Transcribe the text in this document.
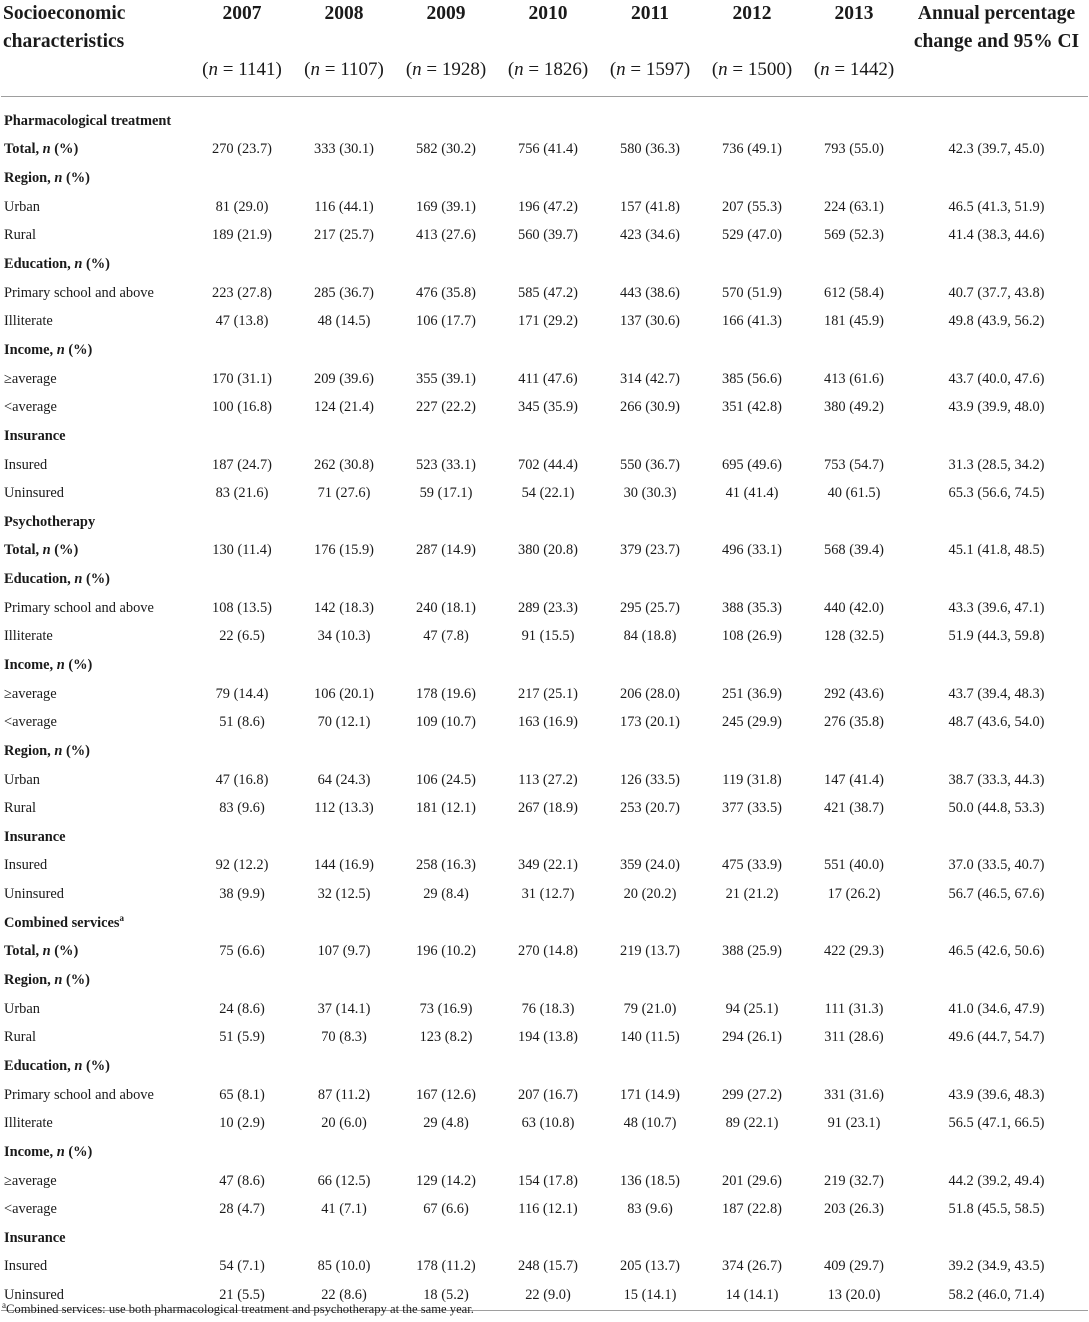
Socioeconomic
characteristics	2007	2008	2009	2010	2011	2012	2013	Annual percentage
change and 95% CI
	(n = 1141)	(n = 1107)	(n = 1928)	(n = 1826)	(n = 1597)	(n = 1500)	(n = 1442)	

Pharmacological treatment								
Total, n (%)	270 (23.7)	333 (30.1)	582 (30.2)	756 (41.4)	580 (36.3)	736 (49.1)	793 (55.0)	42.3 (39.7, 45.0)
Region, n (%)								
Urban	81 (29.0)	116 (44.1)	169 (39.1)	196 (47.2)	157 (41.8)	207 (55.3)	224 (63.1)	46.5 (41.3, 51.9)
Rural	189 (21.9)	217 (25.7)	413 (27.6)	560 (39.7)	423 (34.6)	529 (47.0)	569 (52.3)	41.4 (38.3, 44.6)
Education, n (%)								
Primary school and above	223 (27.8)	285 (36.7)	476 (35.8)	585 (47.2)	443 (38.6)	570 (51.9)	612 (58.4)	40.7 (37.7, 43.8)
Illiterate	47 (13.8)	48 (14.5)	106 (17.7)	171 (29.2)	137 (30.6)	166 (41.3)	181 (45.9)	49.8 (43.9, 56.2)
Income, n (%)								
≥average	170 (31.1)	209 (39.6)	355 (39.1)	411 (47.6)	314 (42.7)	385 (56.6)	413 (61.6)	43.7 (40.0, 47.6)
<average	100 (16.8)	124 (21.4)	227 (22.2)	345 (35.9)	266 (30.9)	351 (42.8)	380 (49.2)	43.9 (39.9, 48.0)
Insurance								
Insured	187 (24.7)	262 (30.8)	523 (33.1)	702 (44.4)	550 (36.7)	695 (49.6)	753 (54.7)	31.3 (28.5, 34.2)
Uninsured	83 (21.6)	71 (27.6)	59 (17.1)	54 (22.1)	30 (30.3)	41 (41.4)	40 (61.5)	65.3 (56.6, 74.5)
Psychotherapy								
Total, n (%)	130 (11.4)	176 (15.9)	287 (14.9)	380 (20.8)	379 (23.7)	496 (33.1)	568 (39.4)	45.1 (41.8, 48.5)
Education, n (%)								
Primary school and above	108 (13.5)	142 (18.3)	240 (18.1)	289 (23.3)	295 (25.7)	388 (35.3)	440 (42.0)	43.3 (39.6, 47.1)
Illiterate	22 (6.5)	34 (10.3)	47 (7.8)	91 (15.5)	84 (18.8)	108 (26.9)	128 (32.5)	51.9 (44.3, 59.8)
Income, n (%)								
≥average	79 (14.4)	106 (20.1)	178 (19.6)	217 (25.1)	206 (28.0)	251 (36.9)	292 (43.6)	43.7 (39.4, 48.3)
<average	51 (8.6)	70 (12.1)	109 (10.7)	163 (16.9)	173 (20.1)	245 (29.9)	276 (35.8)	48.7 (43.6, 54.0)
Region, n (%)								
Urban	47 (16.8)	64 (24.3)	106 (24.5)	113 (27.2)	126 (33.5)	119 (31.8)	147 (41.4)	38.7 (33.3, 44.3)
Rural	83 (9.6)	112 (13.3)	181 (12.1)	267 (18.9)	253 (20.7)	377 (33.5)	421 (38.7)	50.0 (44.8, 53.3)
Insurance								
Insured	92 (12.2)	144 (16.9)	258 (16.3)	349 (22.1)	359 (24.0)	475 (33.9)	551 (40.0)	37.0 (33.5, 40.7)
Uninsured	38 (9.9)	32 (12.5)	29 (8.4)	31 (12.7)	20 (20.2)	21 (21.2)	17 (26.2)	56.7 (46.5, 67.6)
Combined services$^a$
Total, n (%)	75 (6.6)	107 (9.7)	196 (10.2)	270 (14.8)	219 (13.7)	388 (25.9)	422 (29.3)	46.5 (42.6, 50.6)
Region, n (%)								
Urban	24 (8.6)	37 (14.1)	73 (16.9)	76 (18.3)	79 (21.0)	94 (25.1)	111 (31.3)	41.0 (34.6, 47.9)
Rural	51 (5.9)	70 (8.3)	123 (8.2)	194 (13.8)	140 (11.5)	294 (26.1)	311 (28.6)	49.6 (44.7, 54.7)
Education, n (%)								
Primary school and above	65 (8.1)	87 (11.2)	167 (12.6)	207 (16.7)	171 (14.9)	299 (27.2)	331 (31.6)	43.9 (39.6, 48.3)
Illiterate	10 (2.9)	20 (6.0)	29 (4.8)	63 (10.8)	48 (10.7)	89 (22.1)	91 (23.1)	56.5 (47.1, 66.5)
Income, n (%)								
≥average	47 (8.6)	66 (12.5)	129 (14.2)	154 (17.8)	136 (18.5)	201 (29.6)	219 (32.7)	44.2 (39.2, 49.4)
<average	28 (4.7)	41 (7.1)	67 (6.6)	116 (12.1)	83 (9.6)	187 (22.8)	203 (26.3)	51.8 (45.5, 58.5)
Insurance								
Insured	54 (7.1)	85 (10.0)	178 (11.2)	248 (15.7)	205 (13.7)	374 (26.7)	409 (29.7)	39.2 (34.9, 43.5)
Uninsured	21 (5.5)	22 (8.6)	18 (5.2)	22 (9.0)	15 (14.1)	14 (14.1)	13 (20.0)	58.2 (46.0, 71.4)
$^a$Combined services: use both pharmacological treatment and psychotherapy at the same year.
